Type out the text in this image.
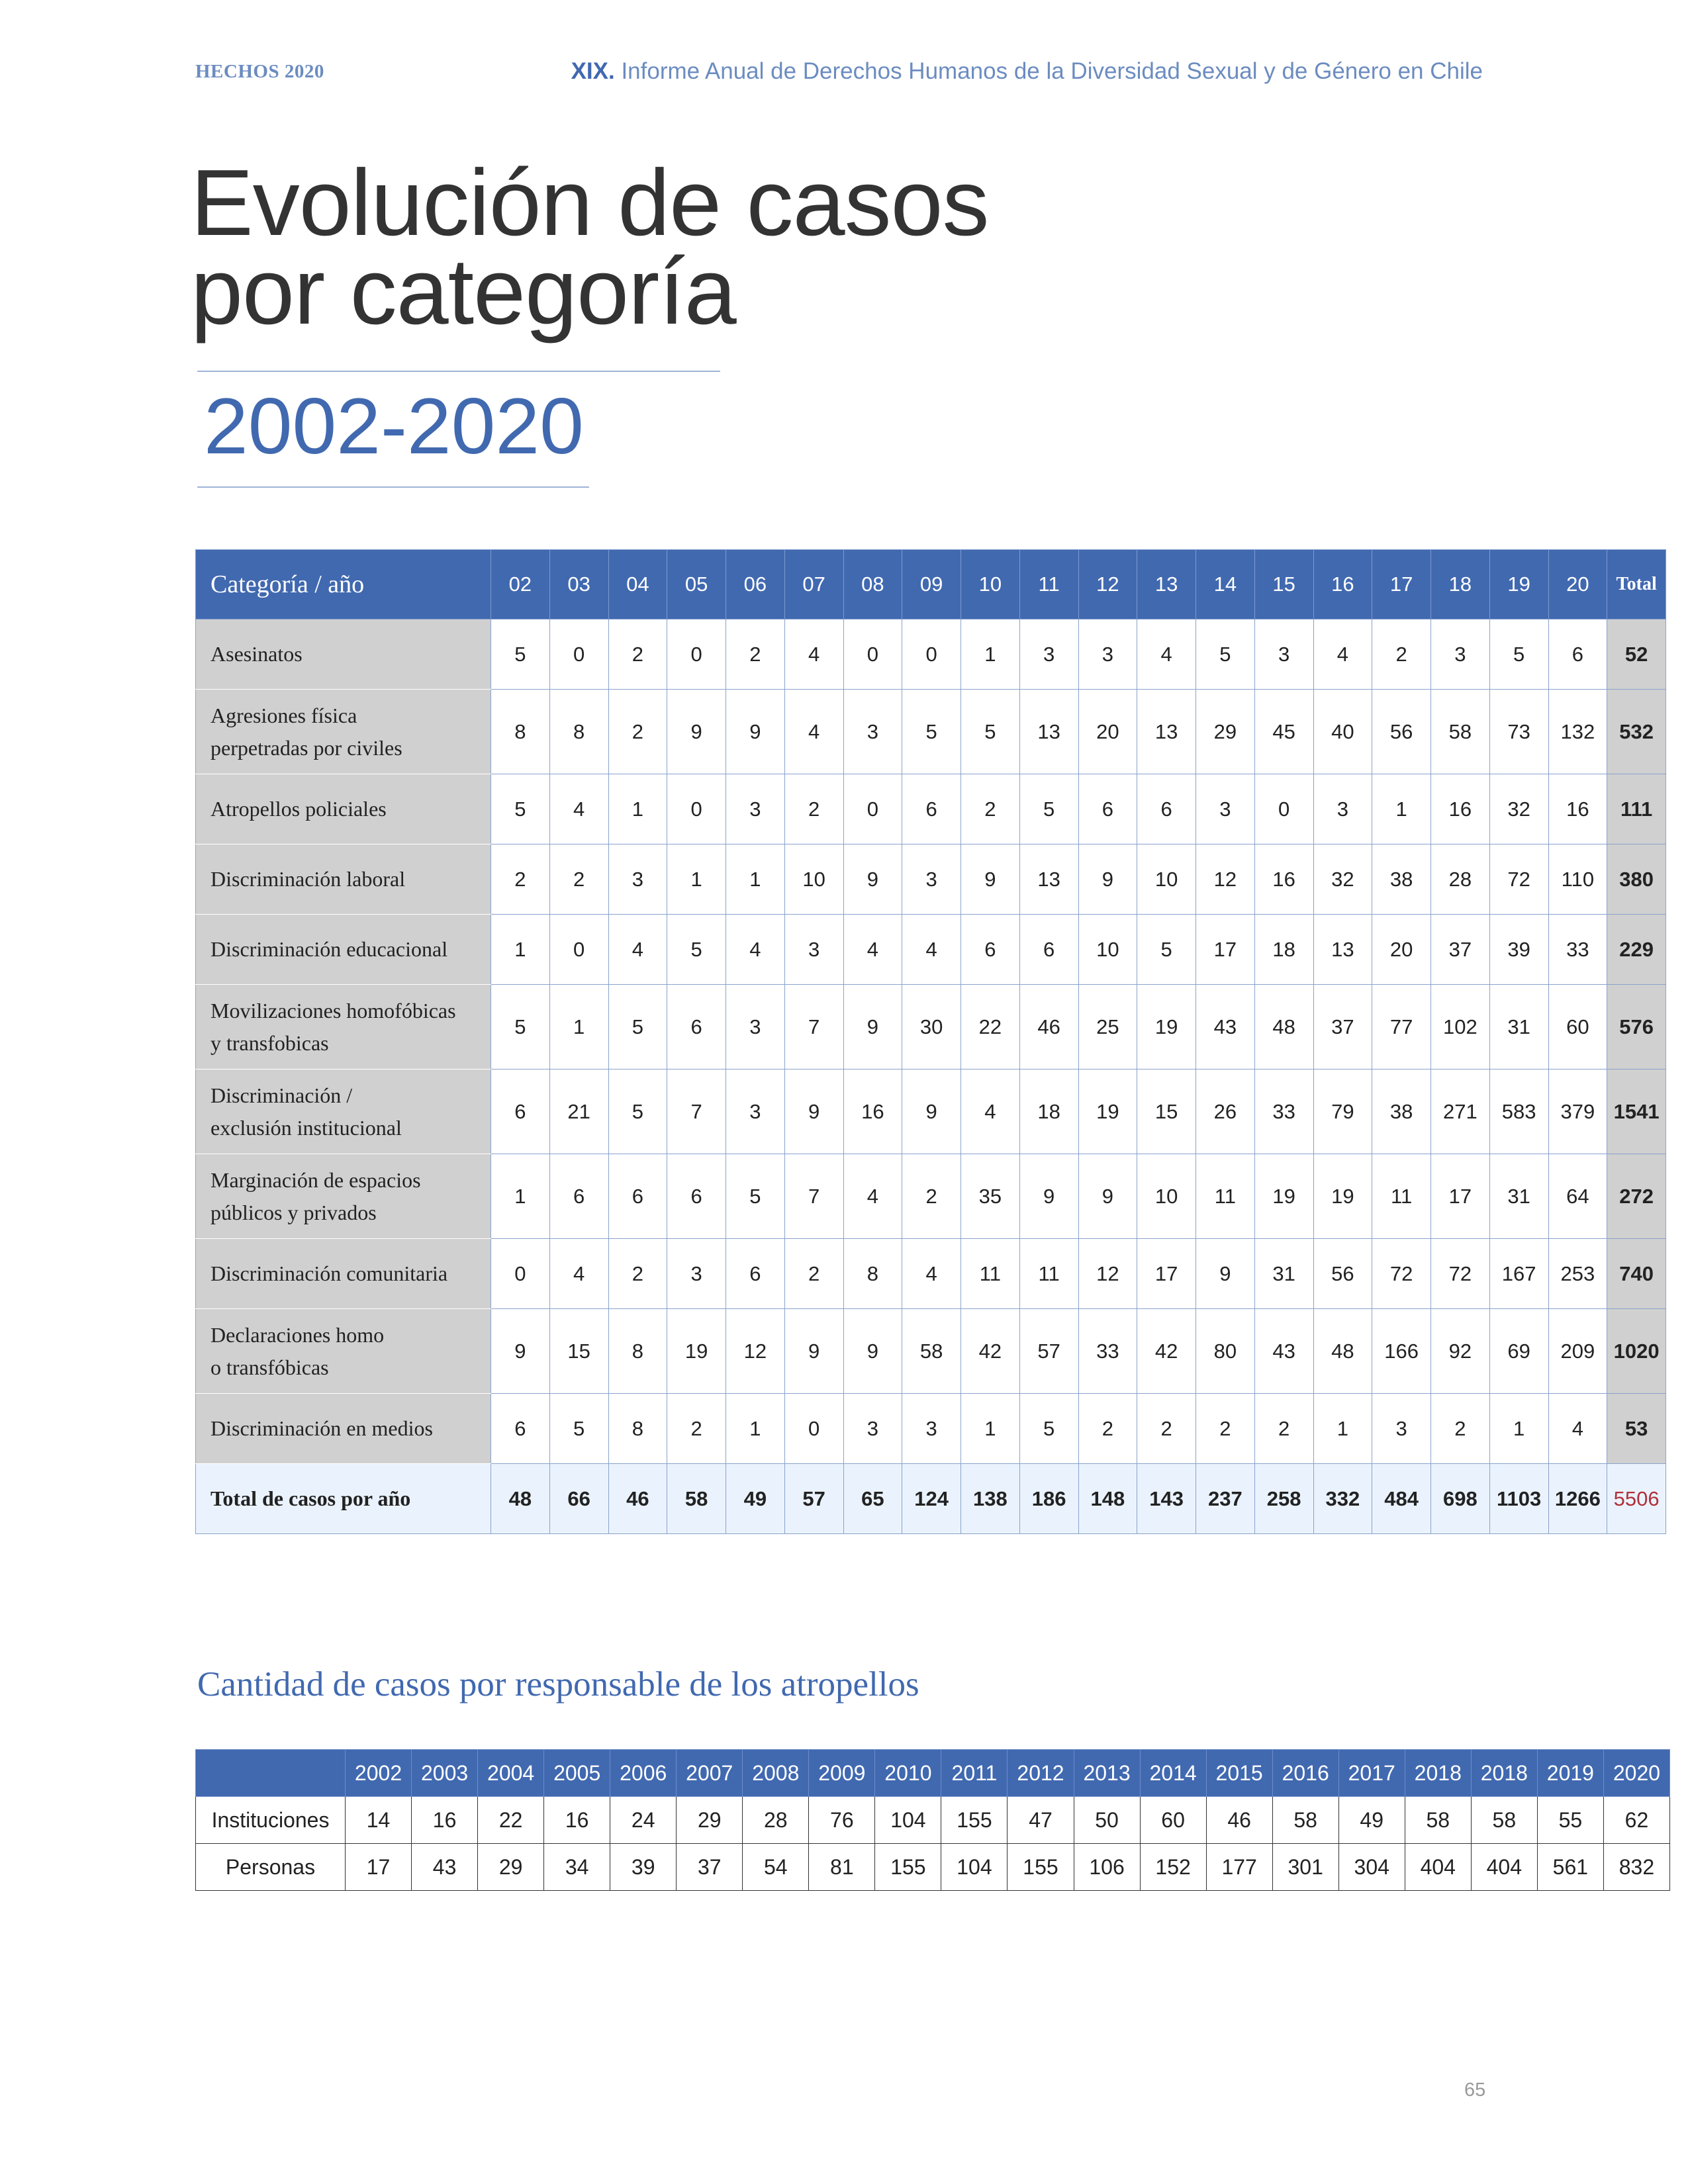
HECHOS 2020	XIX. Informe Anual de Derechos Humanos de la Diversidad Sexual y de Género en Chile
Evolución de casos
por categoría
2002-2020
Categoría / año	02	03	04	05	06	07	08	09	10	11	12	13	14	15	16	17	18	19	20	Total

Asesinatos	5	0	2	0	2	4	0	0	1	3	3	4	5	3	4	2	3	5	6	52

Agresiones física
perpetradas por civiles	8	8	2	9	9	4	3	5	5	13	20	13	29	45	40	56	58	73	132	532

Atropellos policiales	5	4	1	0	3	2	0	6	2	5	6	6	3	0	3	1	16	32	16	111

Discriminación laboral	2	2	3	1	1	10	9	3	9	13	9	10	12	16	32	38	28	72	110	380

Discriminación educacional	1	0	4	5	4	3	4	4	6	6	10	5	17	18	13	20	37	39	33	229

Movilizaciones homofóbicas
y transfobicas	5	1	5	6	3	7	9	30	22	46	25	19	43	48	37	77	102	31	60	576

Discriminación /
exclusión institucional	6	21	5	7	3	9	16	9	4	18	19	15	26	33	79	38	271	583	379	1541

Marginación de espacios
públicos y privados	1	6	6	6	5	7	4	2	35	9	9	10	11	19	19	11	17	31	64	272

Discriminación comunitaria	0	4	2	3	6	2	8	4	11	11	12	17	9	31	56	72	72	167	253	740

Declaraciones homo
o transfóbicas	9	15	8	19	12	9	9	58	42	57	33	42	80	43	48	166	92	69	209	1020

Discriminación en medios	6	5	8	2	1	0	3	3	1	5	2	2	2	2	1	3	2	1	4	53
Total de casos por año	48	66	46	58	49	57	65	124	138	186	148	143	237	258	332	484	698	1103	1266	5506
Cantidad de casos por responsable de los atropellos
	2002	2003	2004	2005	2006	2007	2008	2009	2010	2011	2012	2013	2014	2015	2016	2017	2018	2018	2019	2020
Instituciones	14	16	22	16	24	29	28	76	104	155	47	50	60	46	58	49	58	58	55	62
Personas	17	43	29	34	39	37	54	81	155	104	155	106	152	177	301	304	404	404	561	832
65
